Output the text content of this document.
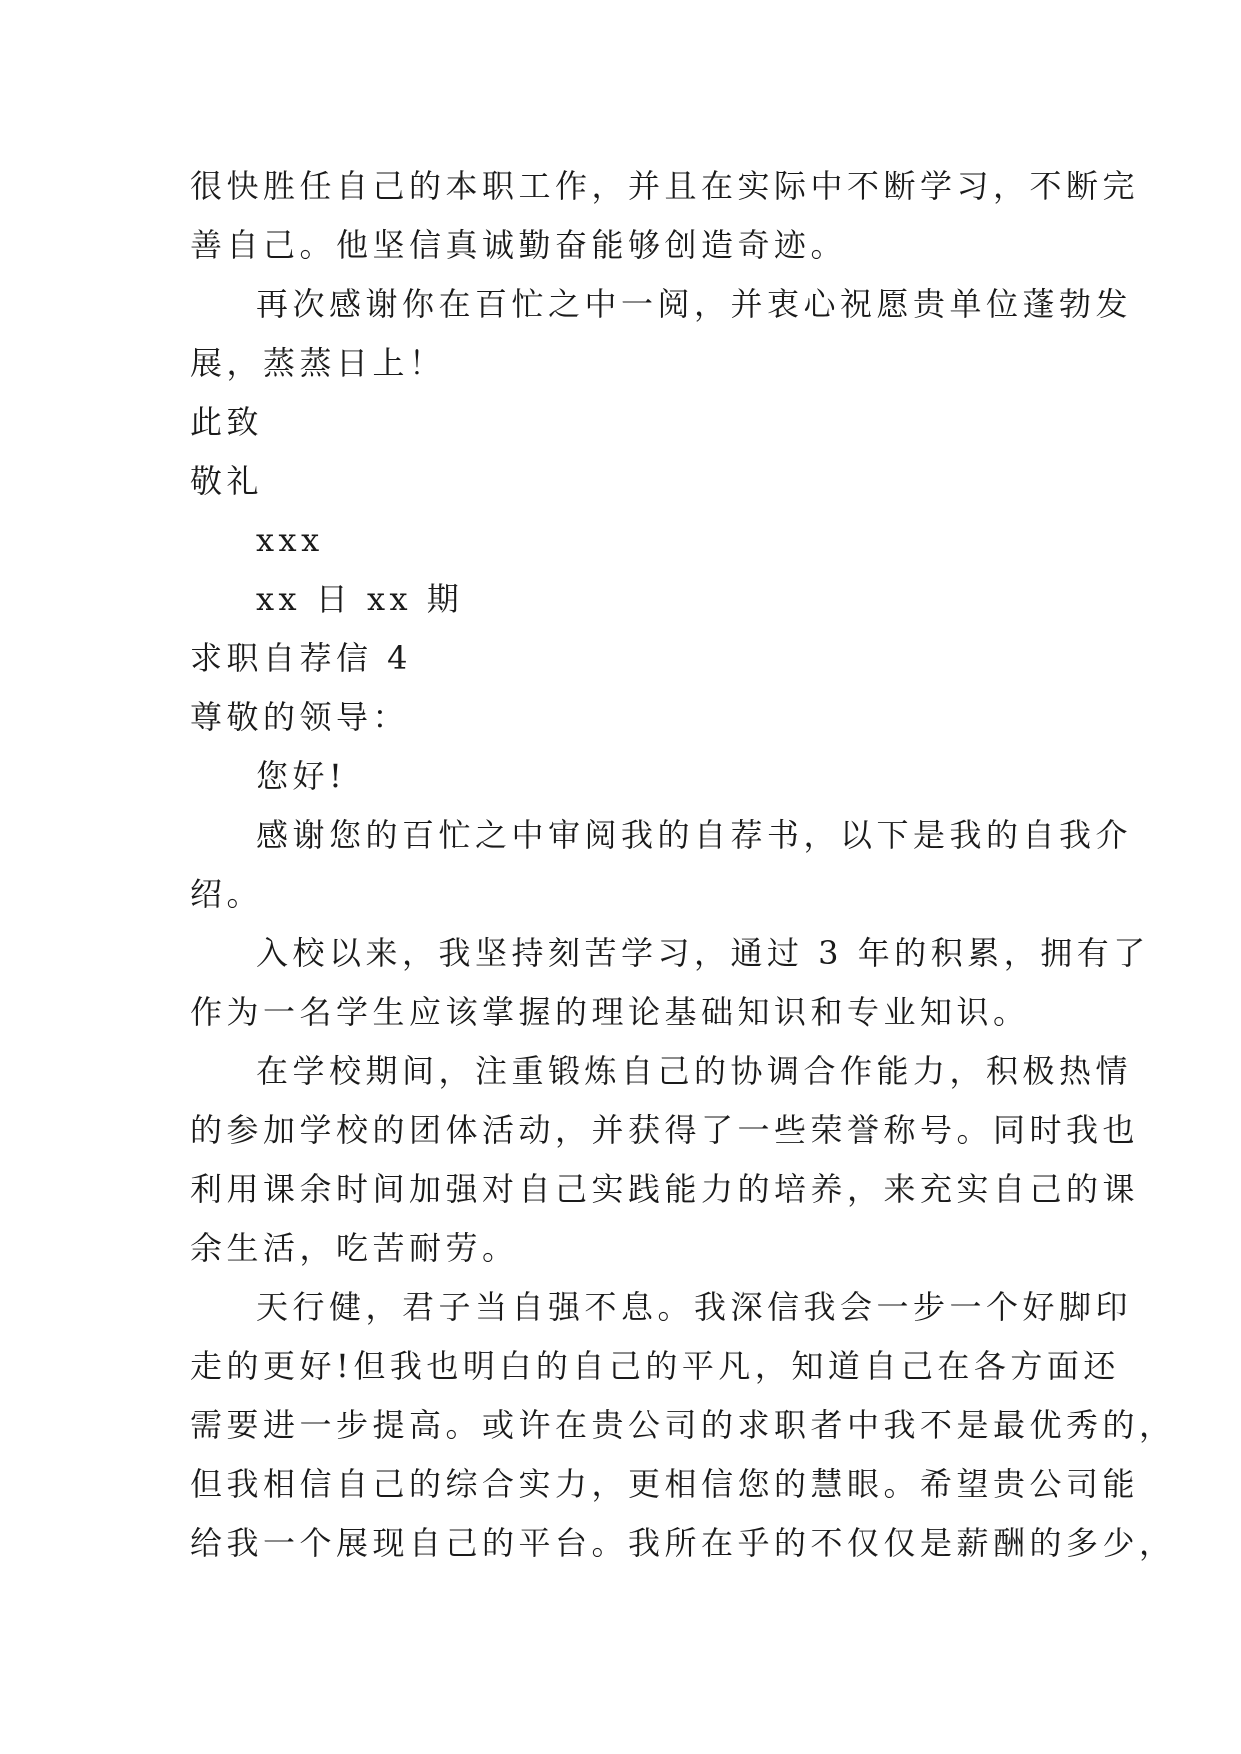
很快胜任自己的本职工作，并且在实际中不断学习，不断完
善自己。他坚信真诚勤奋能够创造奇迹。
再次感谢你在百忙之中一阅，并衷心祝愿贵单位蓬勃发
展，蒸蒸日上！
此致
敬礼
xxx
xx 日 xx 期
求职自荐信 4
尊敬的领导：
您好!
感谢您的百忙之中审阅我的自荐书，以下是我的自我介
绍。
入校以来，我坚持刻苦学习，通过 3 年的积累，拥有了
作为一名学生应该掌握的理论基础知识和专业知识。
在学校期间，注重锻炼自己的协调合作能力，积极热情
的参加学校的团体活动，并获得了一些荣誉称号。同时我也
利用课余时间加强对自己实践能力的培养，来充实自己的课
余生活，吃苦耐劳。
天行健，君子当自强不息。我深信我会一步一个好脚印
走的更好!但我也明白的自己的平凡，知道自己在各方面还
需要进一步提高。或许在贵公司的求职者中我不是最优秀的，
但我相信自己的综合实力，更相信您的慧眼。希望贵公司能
给我一个展现自己的平台。我所在乎的不仅仅是薪酬的多少，
